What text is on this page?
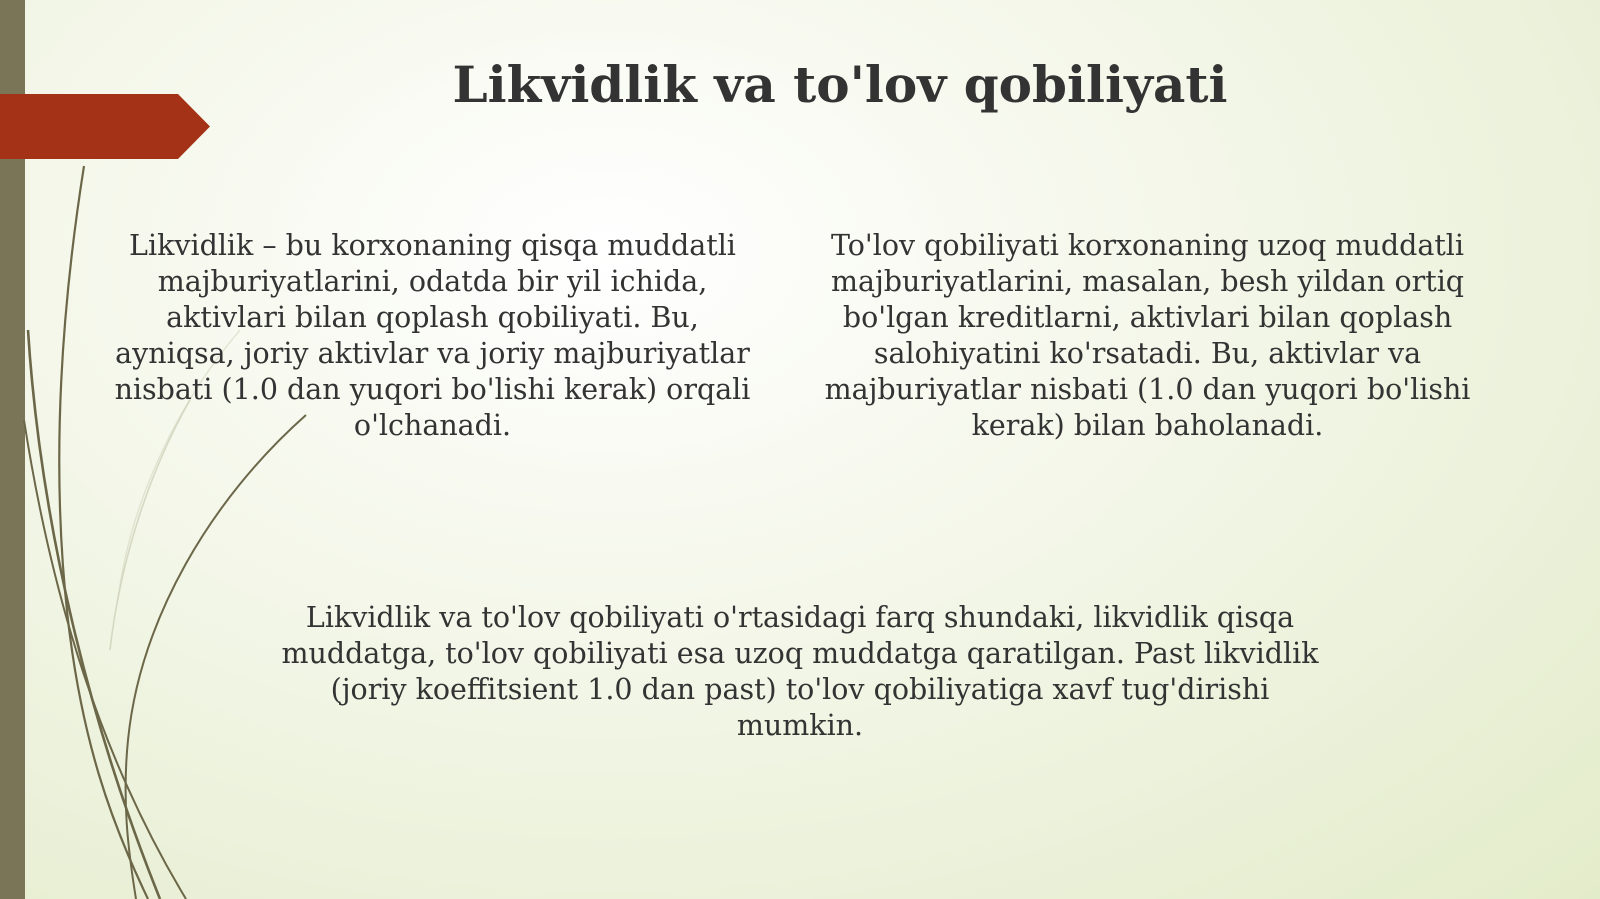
Likvidlik va to'lov qobiliyati
Likvidlik – bu korxonaning qisqa muddatli majburiyatlarini, odatda bir yil ichida, aktivlari bilan qoplash qobiliyati. Bu, ayniqsa, joriy aktivlar va joriy majburiyatlar nisbati (1.0 dan yuqori bo'lishi kerak) orqali o'lchanadi.
To'lov qobiliyati korxonaning uzoq muddatli majburiyatlarini, masalan, besh yildan ortiq bo'lgan kreditlarni, aktivlari bilan qoplash salohiyatini ko'rsatadi. Bu, aktivlar va majburiyatlar nisbati (1.0 dan yuqori bo'lishi kerak) bilan baholanadi.
Likvidlik va to'lov qobiliyati o'rtasidagi farq shundaki, likvidlik qisqa muddatga, to'lov qobiliyati esa uzoq muddatga qaratilgan. Past likvidlik (joriy koeffitsient 1.0 dan past) to'lov qobiliyatiga xavf tug'dirishi mumkin.
